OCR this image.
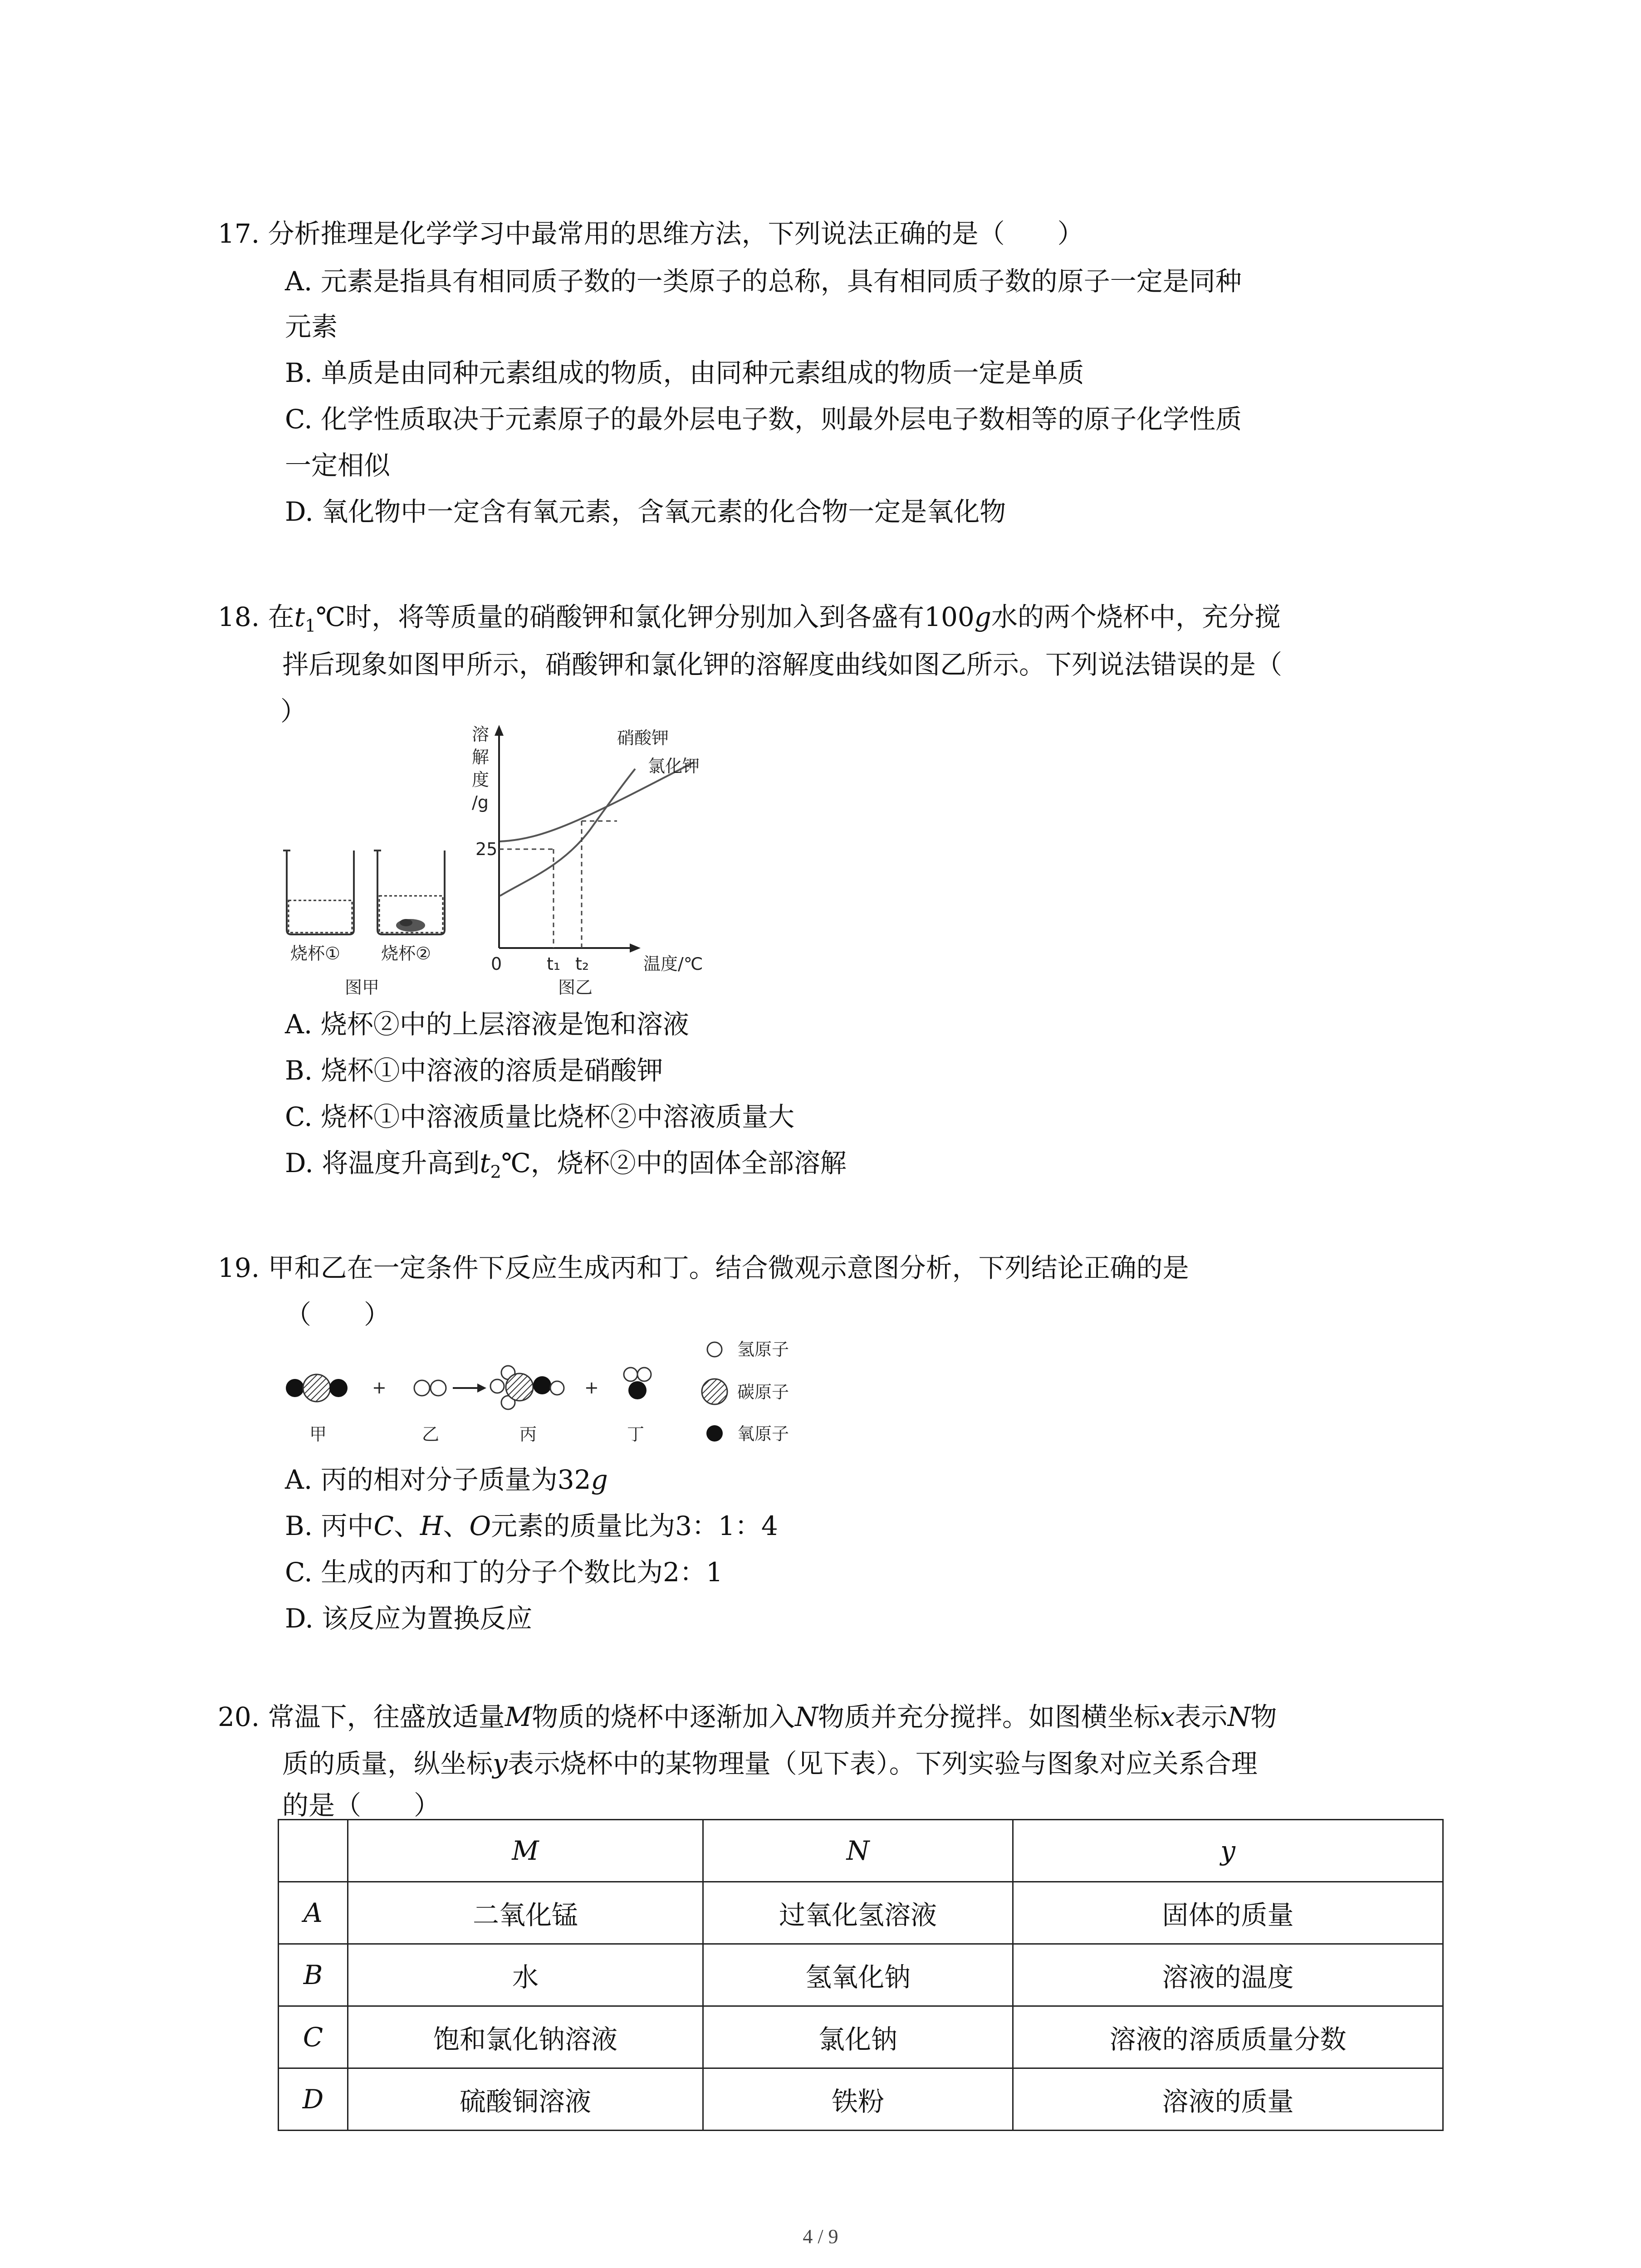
17. 分析推理是化学学习中最常用的思维方法，下列说法正确的是（　　）
A. 元素是指具有相同质子数的一类原子的总称，具有相同质子数的原子一定是同种
元素
B. 单质是由同种元素组成的物质，由同种元素组成的物质一定是单质
C. 化学性质取决于元素原子的最外层电子数，则最外层电子数相等的原子化学性质
一定相似
D. 氧化物中一定含有氧元素，含氧元素的化合物一定是氧化物
18. 在$t_1℃$时，将等质量的硝酸钾和氯化钾分别加入到各盛有100g水的两个烧杯中，充分搅
拌后现象如图甲所示，硝酸钾和氯化钾的溶解度曲线如图乙所示。下列说法错误的是（
）
烧杯① 烧杯②
图甲
溶
解
度
/g
25
0	t₁ t₂	温度/℃
硝酸钾
氯化钾
图乙
A. 烧杯②中的上层溶液是饱和溶液
B. 烧杯①中溶液的溶质是硝酸钾
C. 烧杯①中溶液质量比烧杯②中溶液质量大
D. 将温度升高到$t_2℃$，烧杯②中的固体全部溶解
19. 甲和乙在一定条件下反应生成丙和丁。结合微观示意图分析，下列结论正确的是
（　　）
+	+
甲	乙	丙	丁
氢原子
碳原子
氧原子
A. 丙的相对分子质量为32g
B. 丙中C、H、O元素的质量比为3：1：4
C. 生成的丙和丁的分子个数比为2：1
D. 该反应为置换反应
20. 常温下，往盛放适量M物质的烧杯中逐渐加入N物质并充分搅拌。如图横坐标x表示N物
质的质量，纵坐标y表示烧杯中的某物理量（见下表）。下列实验与图象对应关系合理
的是（　　）
	M	N	y
A	二氧化锰	过氧化氢溶液	固体的质量
B	水	氢氧化钠	溶液的温度
C	饱和氯化钠溶液	氯化钠	溶液的溶质质量分数
D	硫酸铜溶液	铁粉	溶液的质量
4 / 9
